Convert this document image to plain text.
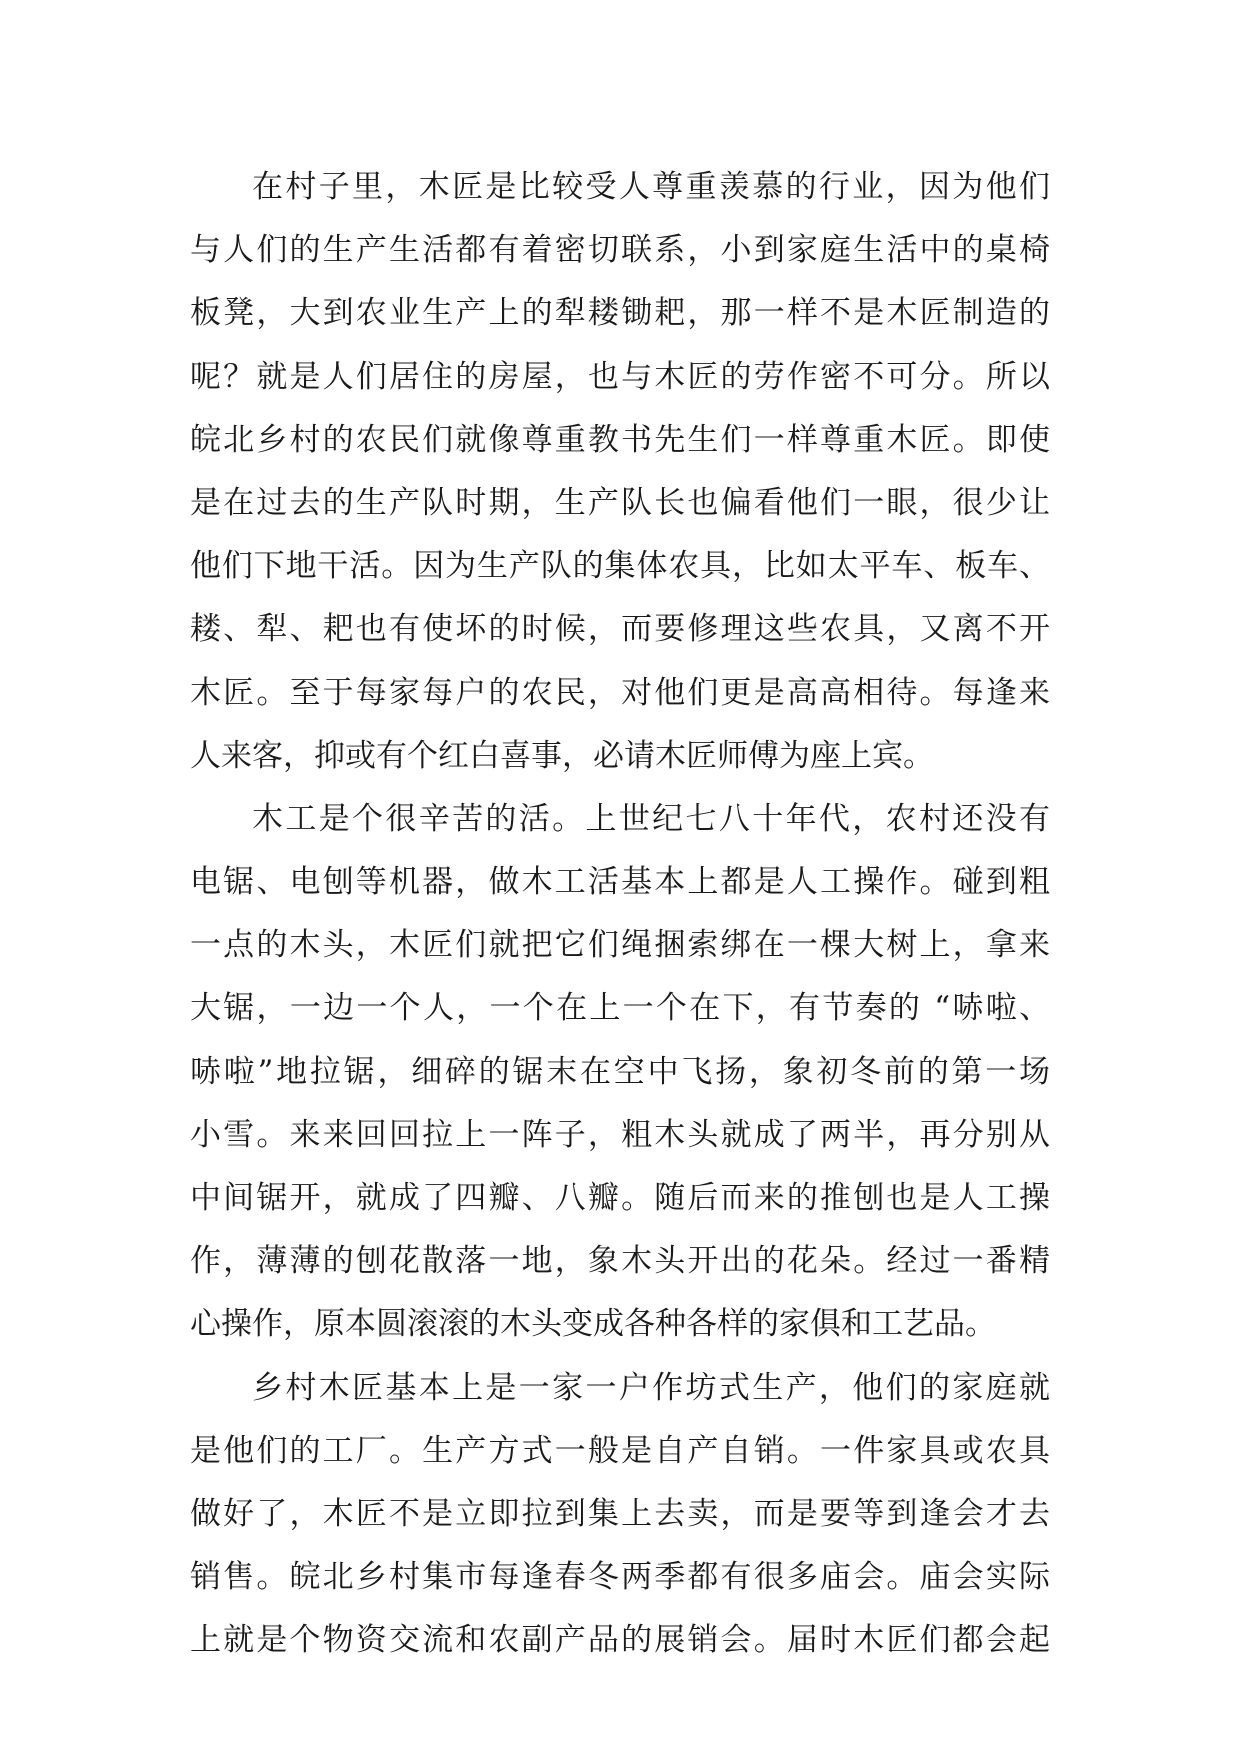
在村子里，木匠是比较受人尊重羡慕的行业，因为他们
与人们的生产生活都有着密切联系，小到家庭生活中的桌椅
板凳，大到农业生产上的犁耧锄耙，那一样不是木匠制造的
呢？就是人们居住的房屋，也与木匠的劳作密不可分。所以
皖北乡村的农民们就像尊重教书先生们一样尊重木匠。即使
是在过去的生产队时期，生产队长也偏看他们一眼，很少让
他们下地干活。因为生产队的集体农具，比如太平车、板车、
耧、犁、耙也有使坏的时候，而要修理这些农具，又离不开
木匠。至于每家每户的农民，对他们更是高高相待。每逢来
人来客，抑或有个红白喜事，必请木匠师傅为座上宾。
木工是个很辛苦的活。上世纪七八十年代，农村还没有
电锯、电刨等机器，做木工活基本上都是人工操作。碰到粗
一点的木头，木匠们就把它们绳捆索绑在一棵大树上，拿来
大锯，一边一个人，一个在上一个在下，有节奏的 “哧啦、
哧啦”地拉锯，细碎的锯末在空中飞扬，象初冬前的第一场
小雪。来来回回拉上一阵子，粗木头就成了两半，再分别从
中间锯开，就成了四瓣、八瓣。随后而来的推刨也是人工操
作，薄薄的刨花散落一地，象木头开出的花朵。经过一番精
心操作，原本圆滚滚的木头变成各种各样的家俱和工艺品。
乡村木匠基本上是一家一户作坊式生产，他们的家庭就
是他们的工厂。生产方式一般是自产自销。一件家具或农具
做好了，木匠不是立即拉到集上去卖，而是要等到逢会才去
销售。皖北乡村集市每逢春冬两季都有很多庙会。庙会实际
上就是个物资交流和农副产品的展销会。届时木匠们都会起
